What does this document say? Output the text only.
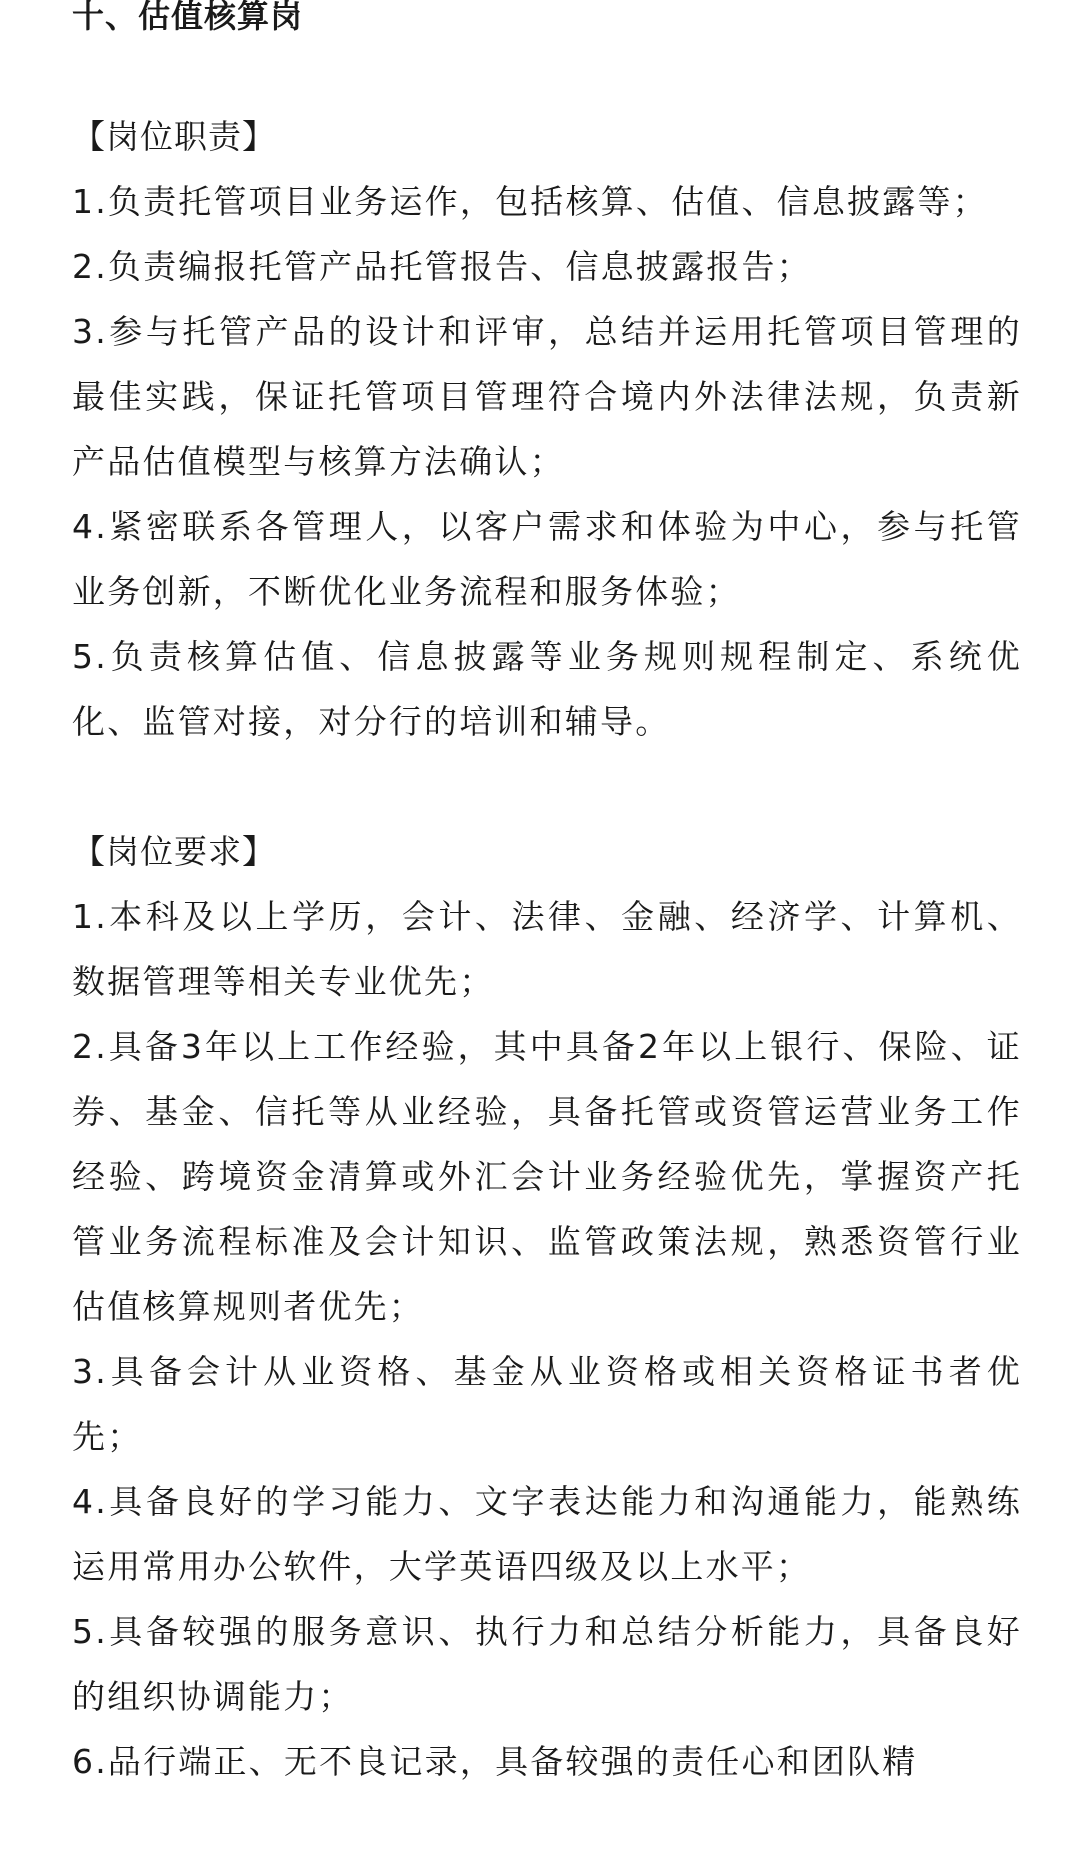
十、估值核算岗
【岗位职责】
1.负责托管项目业务运作，包括核算、估值、信息披露等；
2.负责编报托管产品托管报告、信息披露报告；
3.参与托管产品的设计和评审，总结并运用托管项目管理的最佳实践，保证托管项目管理符合境内外法律法规，负责新产品估值模型与核算方法确认；
4.紧密联系各管理人，以客户需求和体验为中心，参与托管业务创新，不断优化业务流程和服务体验；
5.负责核算估值、信息披露等业务规则规程制定、系统优化、监管对接，对分行的培训和辅导。
【岗位要求】
1.本科及以上学历，会计、法律、金融、经济学、计算机、数据管理等相关专业优先；
2.具备3年以上工作经验，其中具备2年以上银行、保险、证券、基金、信托等从业经验，具备托管或资管运营业务工作经验、跨境资金清算或外汇会计业务经验优先，掌握资产托管业务流程标准及会计知识、监管政策法规，熟悉资管行业估值核算规则者优先；
3.具备会计从业资格、基金从业资格或相关资格证书者优先；
4.具备良好的学习能力、文字表达能力和沟通能力，能熟练运用常用办公软件，大学英语四级及以上水平；
5.具备较强的服务意识、执行力和总结分析能力，具备良好的组织协调能力；
6.品行端正、无不良记录，具备较强的责任心和团队精
